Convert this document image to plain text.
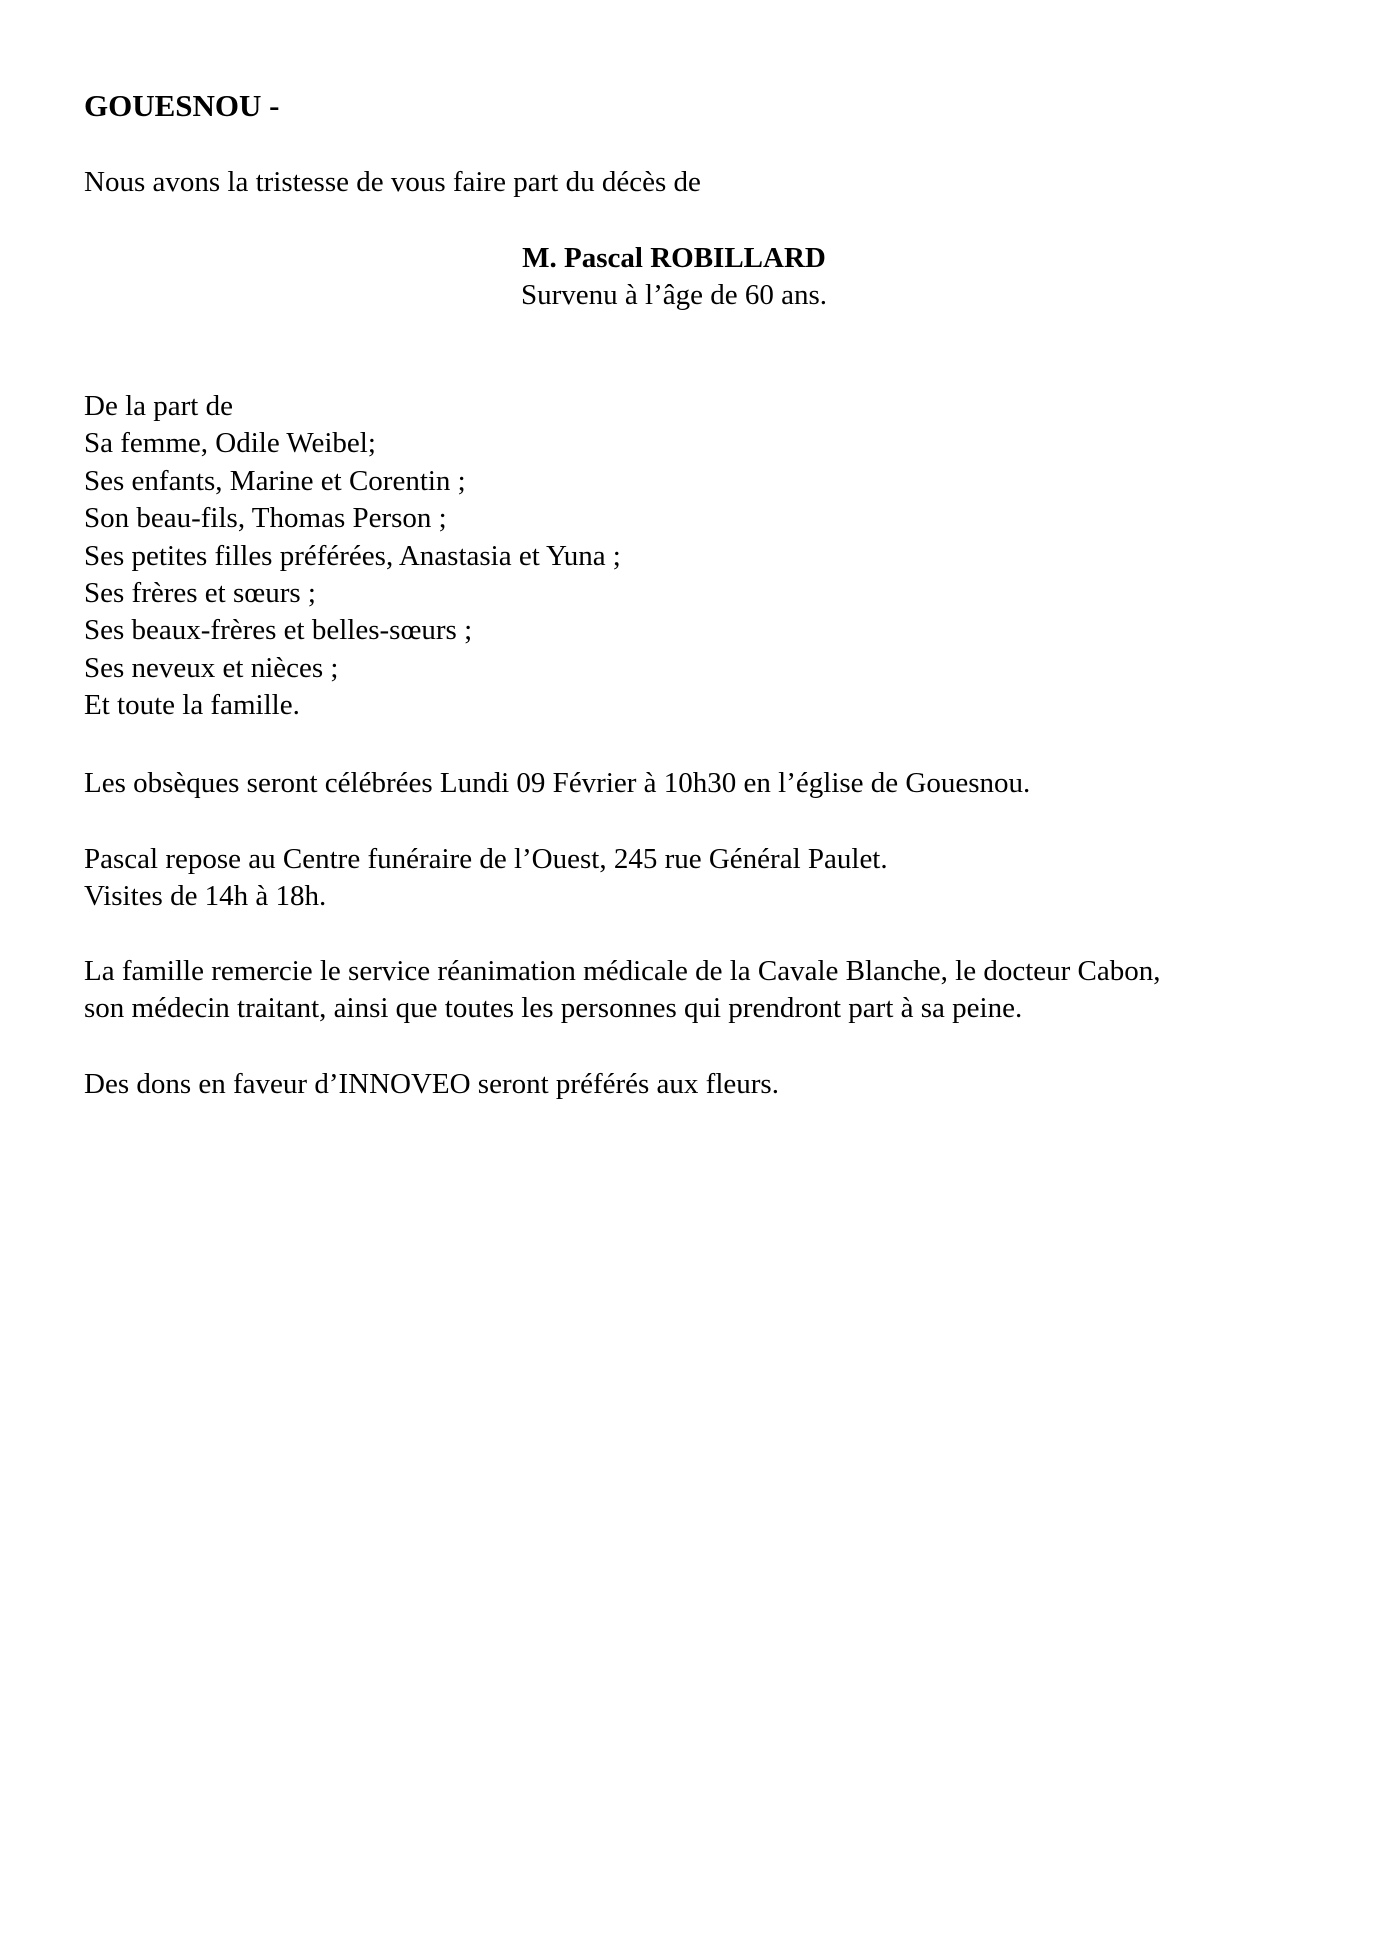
GOUESNOU -
Nous avons la tristesse de vous faire part du décès de
M. Pascal ROBILLARD
Survenu à l’âge de 60 ans.
De la part de
Sa femme, Odile Weibel;
Ses enfants, Marine et Corentin ;
Son beau-fils, Thomas Person ;
Ses petites filles préférées, Anastasia et Yuna ;
Ses frères et sœurs ;
Ses beaux-frères et belles-sœurs ;
Ses neveux et nièces ;
Et toute la famille.
Les obsèques seront célébrées Lundi 09 Février à 10h30 en l’église de Gouesnou.
Pascal repose au Centre funéraire de l’Ouest, 245 rue Général Paulet.
Visites de 14h à 18h.
La famille remercie le service réanimation médicale de la Cavale Blanche, le docteur Cabon,
son médecin traitant, ainsi que toutes les personnes qui prendront part à sa peine.
Des dons en faveur d’INNOVEO seront préférés aux fleurs.
